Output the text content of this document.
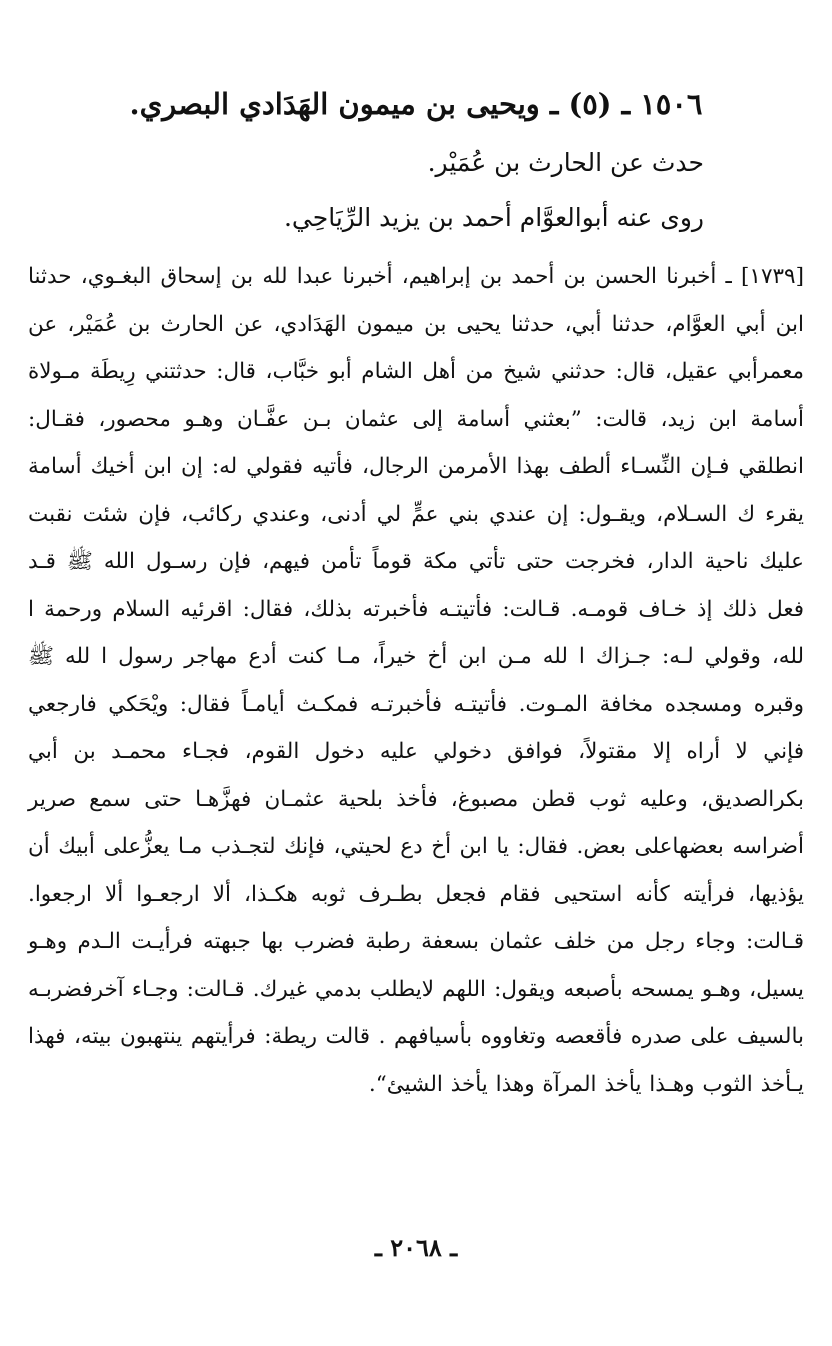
١٥٠٦ ـ (٥) ـ ويحيى بن ميمون الهَدَادي البصري.
حدث عن الحارث بن عُمَيْر.
روى عنه أبوالعوَّام أحمد بن يزيد الرِّيَاحِي.
[١٧٣٩] ـ أخبرنا الحسن بن أحمد بن إبراهيم، أخبرنا عبدا لله بن إسحاق البغـوي، حدثنا ابن أبي العوَّام، حدثنا أبي، حدثنا يحيى بن ميمون الهَدَادي، عن الحارث بن عُمَيْر، عن معمرأبي عقيل، قال: حدثني شيخ من أهل الشام أبو خبَّاب، قال: حدثتني رِيطَة مـولاة أسامة ابن زيد، قالت: ”بعثني أسامة إلى عثمان بـن عفَّـان وهـو محصور، فقـال: انطلقي فـإن النِّسـاء ألطف بهذا الأمرمن الرجال، فأتيه فقولي له: إن ابن أخيك أسامة يقرء ك السـلام، ويقـول: إن عندي بني عمٍّ لي أدنى، وعندي ركائب، فإن شئت نقبت عليك ناحية الدار، فخرجت حتى تأتي مكة قوماً تأمن فيهم، فإن رسـول الله ﷺ قـد فعل ذلك إذ خـاف قومـه. قـالت: فأتيتـه فأخبرته بذلك، فقال: اقرئيه السلام ورحمة ا لله، وقولي لـه: جـزاك ا لله مـن ابن أخ خيراً، مـا كنت أدع مهاجر رسول ا لله ﷺ وقبره ومسجده مخافة المـوت. فأتيتـه فأخبرتـه فمكـث أيامـاً فقال: ويْحَكي فارجعي فإني لا أراه إلا مقتولاً، فوافق دخولي عليه دخول القوم، فجـاء محمـد بن أبي بكرالصديق، وعليه ثوب قطن مصبوغ، فأخذ بلحية عثمـان فهزَّهـا حتى سمع صرير أضراسه بعضهاعلى بعض. فقال: يا ابن أخ دع لحيتي، فإنك لتجـذب مـا يعزُّعلى أبيك أن يؤذيها، فرأيته كأنه استحيى فقام فجعل بطـرف ثوبه هكـذا، ألا ارجعـوا ألا ارجعوا. قـالت: وجاء رجل من خلف عثمان بسعفة رطبة فضرب بها جبهته فرأيـت الـدم وهـو يسيل، وهـو يمسحه بأصبعه ويقول: اللهم لايطلب بدمي غيرك. قـالت: وجـاء آخرفضربـه بالسيف على صدره فأقعصه وتغاووه بأسيافهم . قالت ريطة: فرأيتهم ينتهبون بيته، فهذا يـأخذ الثوب وهـذا يأخذ المرآة وهذا يأخذ الشيئ“.
ـ ٢٠٦٨ ـ
